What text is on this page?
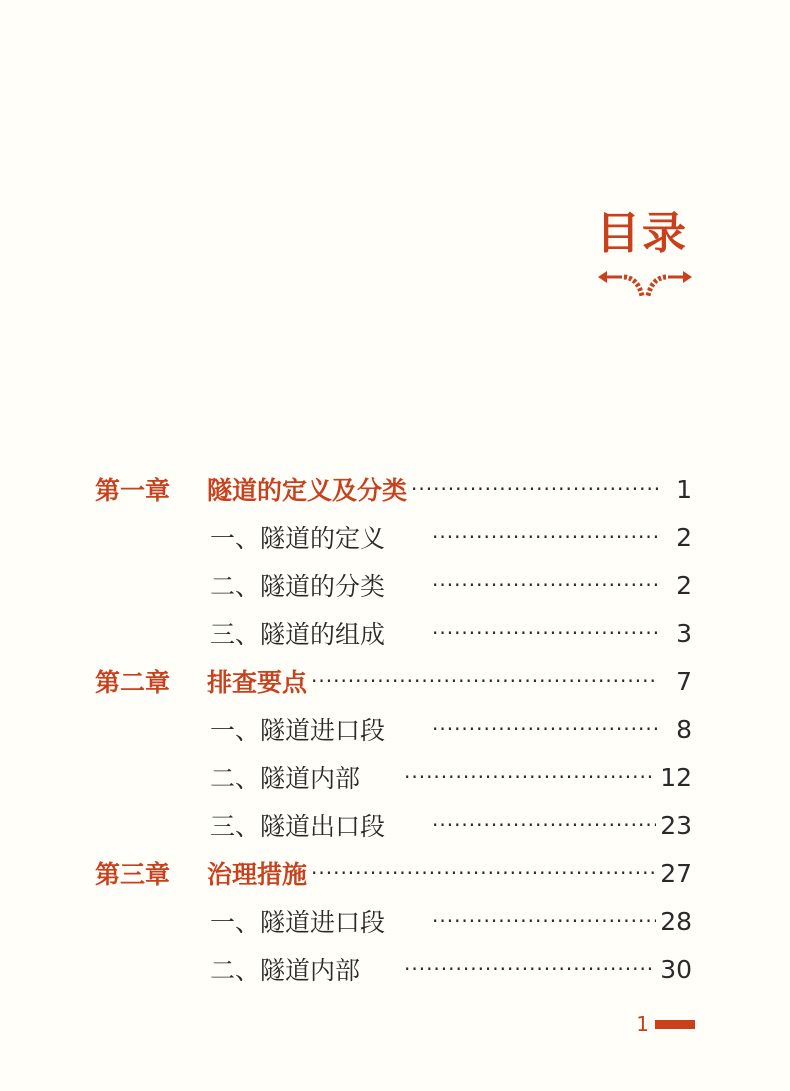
目录
第一章	隧道的定义及分类 ·····	1
一、隧道的定义 ·····	2
二、隧道的分类 ·····	2
三、隧道的组成 ·····	3
第二章	排查要点 ·····	7
一、隧道进口段 ·····	8
二、隧道内部 ·····	12
三、隧道出口段 ·····	23
第三章	治理措施 ·····	27
一、隧道进口段 ·····	28
二、隧道内部 ·····	30
1
